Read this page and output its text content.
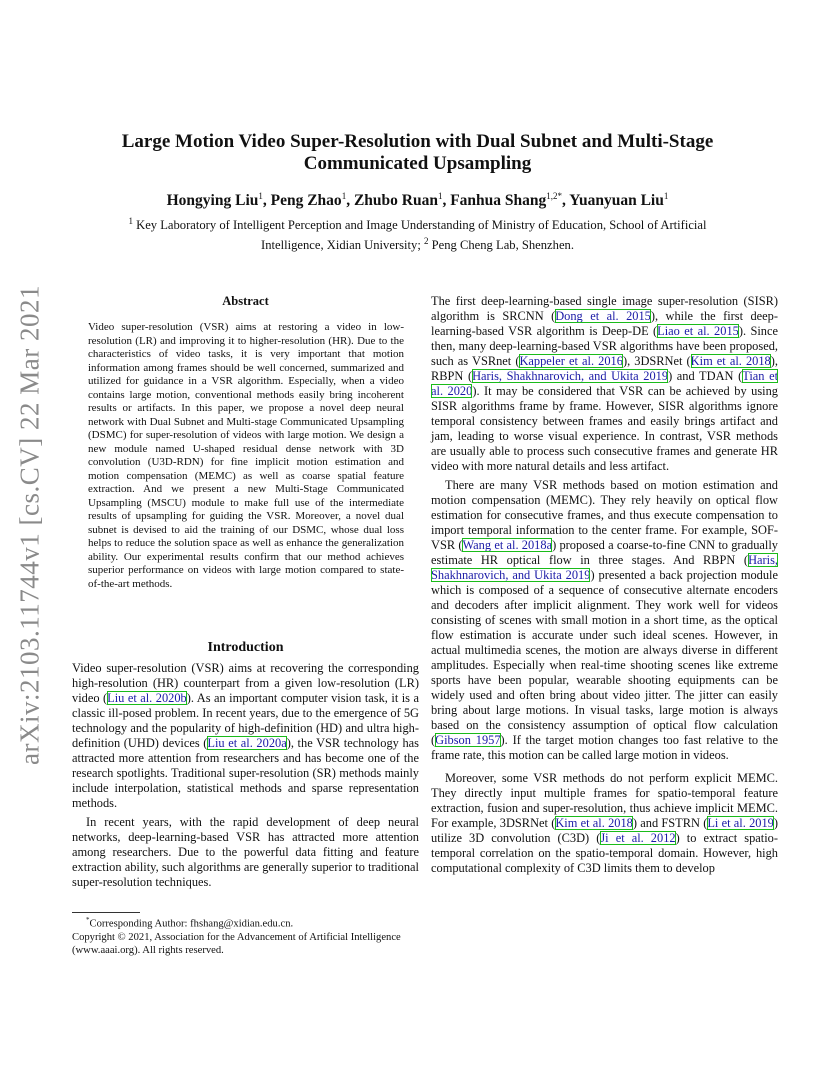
arXiv:2103.11744v1 [cs.CV] 22 Mar 2021
Large Motion Video Super-Resolution with Dual Subnet and Multi-Stage Communicated Upsampling
Hongying Liu$^1$, Peng Zhao$^1$, Zhubo Ruan$^1$, Fanhua Shang$^{1,2*}$, Yuanyuan Liu$^1$
$^1$ Key Laboratory of Intelligent Perception and Image Understanding of Ministry of Education, School of Artificial Intelligence, Xidian University; $^2$ Peng Cheng Lab, Shenzhen.
Abstract
Video super-resolution (VSR) aims at restoring a video in low-resolution (LR) and improving it to higher-resolution (HR). Due to the characteristics of video tasks, it is very important that motion information among frames should be well concerned, summarized and utilized for guidance in a VSR algorithm. Especially, when a video contains large motion, conventional methods easily bring incoherent results or artifacts. In this paper, we propose a novel deep neural network with Dual Subnet and Multi-stage Communicated Upsampling (DSMC) for super-resolution of videos with large motion. We design a new module named U-shaped residual dense network with 3D convolution (U3D-RDN) for fine implicit motion estimation and motion compensation (MEMC) as well as coarse spatial feature extraction. And we present a new Multi-Stage Communicated Upsampling (MSCU) module to make full use of the intermediate results of upsampling for guiding the VSR. Moreover, a novel dual subnet is devised to aid the training of our DSMC, whose dual loss helps to reduce the solution space as well as enhance the generalization ability. Our experimental results confirm that our method achieves superior performance on videos with large motion compared to state-of-the-art methods.
Introduction

Video super-resolution (VSR) aims at recovering the corresponding high-resolution (HR) counterpart from a given low-resolution (LR) video (Liu et al. 2020b). As an important computer vision task, it is a classic ill-posed problem. In recent years, due to the emergence of 5G technology and the popularity of high-definition (HD) and ultra high-definition (UHD) devices (Liu et al. 2020a), the VSR technology has attracted more attention from researchers and has become one of the research spotlights. Traditional super-resolution (SR) methods mainly include interpolation, statistical methods and sparse representation methods.

In recent years, with the rapid development of deep neural networks, deep-learning-based VSR has attracted more attention among researchers. Due to the powerful data fitting and feature extraction ability, such algorithms are generally superior to traditional super-resolution techniques.

*Corresponding Author: fhshang@xidian.edu.cn.
Copyright © 2021, Association for the Advancement of Artificial Intelligence (www.aaai.org). All rights reserved.

The first deep-learning-based single image super-resolution (SISR) algorithm is SRCNN (Dong et al. 2015), while the first deep-learning-based VSR algorithm is Deep-DE (Liao et al. 2015). Since then, many deep-learning-based VSR algorithms have been proposed, such as VSRnet (Kappeler et al. 2016), 3DSRNet (Kim et al. 2018), RBPN (Haris, Shakhnarovich, and Ukita 2019) and TDAN (Tian et al. 2020). It may be considered that VSR can be achieved by using SISR algorithms frame by frame. However, SISR algorithms ignore temporal consistency between frames and easily brings artifact and jam, leading to worse visual experience. In contrast, VSR methods are usually able to process such consecutive frames and generate HR video with more natural details and less artifact.

There are many VSR methods based on motion estimation and motion compensation (MEMC). They rely heavily on optical flow estimation for consecutive frames, and thus execute compensation to import temporal information to the center frame. For example, SOF-VSR (Wang et al. 2018a) proposed a coarse-to-fine CNN to gradually estimate HR optical flow in three stages. And RBPN (Haris, Shakhnarovich, and Ukita 2019) presented a back projection module which is composed of a sequence of consecutive alternate encoders and decoders after implicit alignment. They work well for videos consisting of scenes with small motion in a short time, as the optical flow estimation is accurate under such ideal scenes. However, in actual multimedia scenes, the motion are always diverse in different amplitudes. Especially when real-time shooting scenes like extreme sports have been popular, wearable shooting equipments can be widely used and often bring about video jitter. The jitter can easily bring about large motions. In visual tasks, large motion is always based on the consistency assumption of optical flow calculation (Gibson 1957). If the target motion changes too fast relative to the frame rate, this motion can be called large motion in videos.

Moreover, some VSR methods do not perform explicit MEMC. They directly input multiple frames for spatio-temporal feature extraction, fusion and super-resolution, thus achieve implicit MEMC. For example, 3DSRNet (Kim et al. 2018) and FSTRN (Li et al. 2019) utilize 3D convolution (C3D) (Ji et al. 2012) to extract spatio-temporal correlation on the spatio-temporal domain. However, high computational complexity of C3D limits them to develop
